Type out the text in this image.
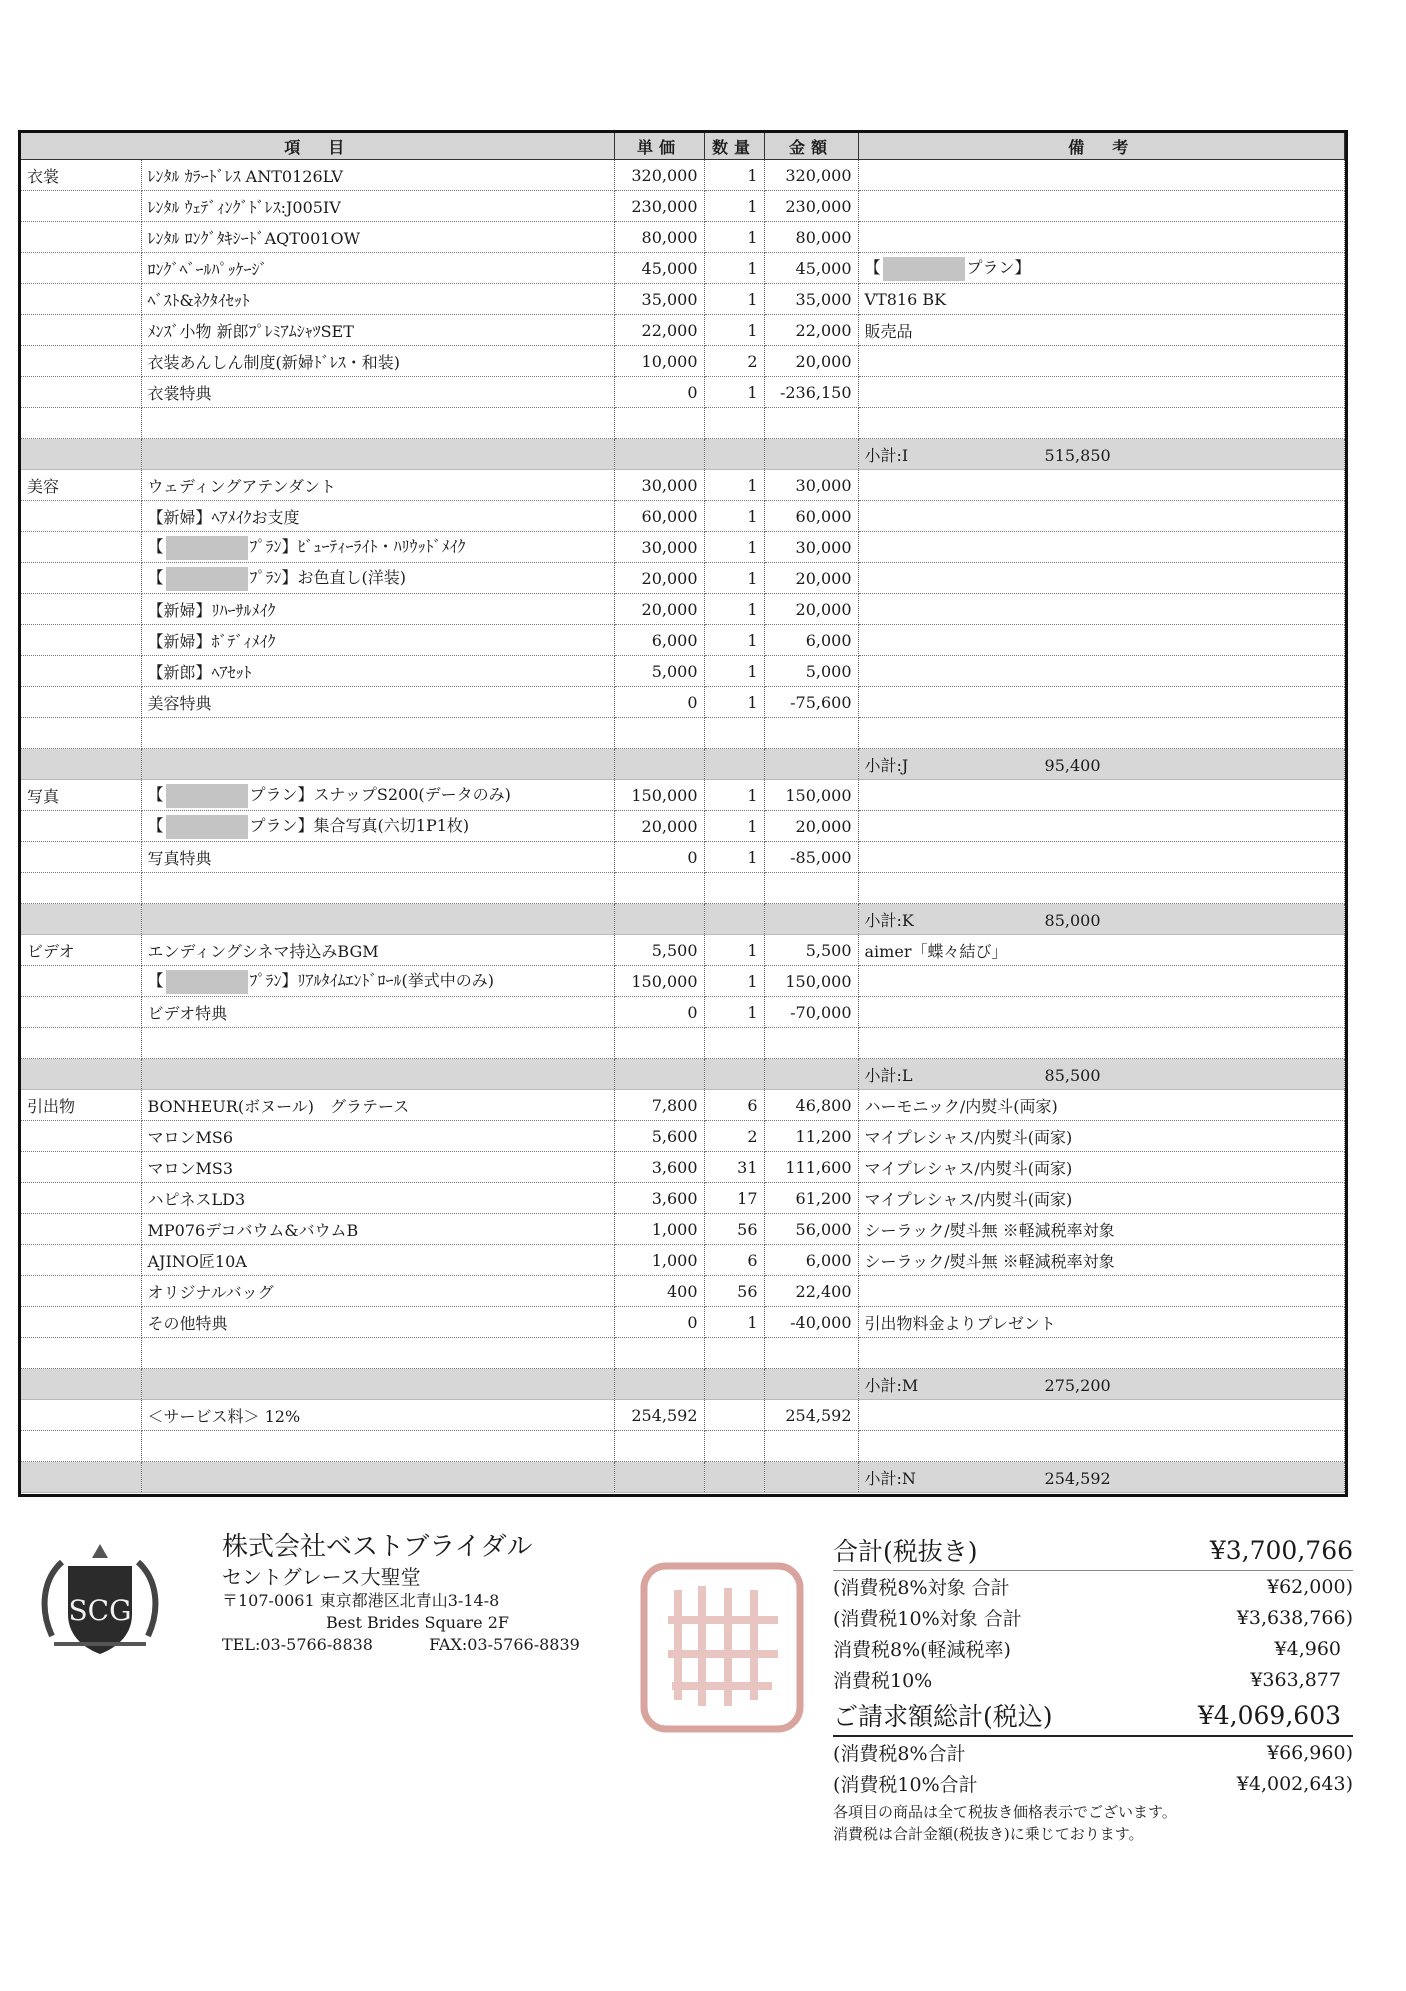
項　目		単価	数量	金額	備　考
衣裳	ﾚﾝﾀﾙ ｶﾗｰﾄﾞﾚｽ ANT0126LV	320,000	1	320,000	
	ﾚﾝﾀﾙ ｳｪﾃﾞｨﾝｸﾞﾄﾞﾚｽ:J005IV	230,000	1	230,000	
	ﾚﾝﾀﾙ ﾛﾝｸﾞﾀｷｼｰﾄﾞAQT001OW	80,000	1	80,000	
	ﾛﾝｸﾞﾍﾞｰﾙﾊﾟｯｹｰｼﾞ	45,000	1	45,000	【 プラン】
	ﾍﾞｽﾄ&ﾈｸﾀｲｾｯﾄ	35,000	1	35,000	VT816 BK
	ﾒﾝｽﾞ小物 新郎ﾌﾟﾚﾐｱﾑｼｬﾂSET	22,000	1	22,000	販売品
	衣装あんしん制度(新婦ﾄﾞﾚｽ・和装)	10,000	2	20,000	
	衣裳特典	0	1	-236,150	

					小計:I 515,850
美容	ウェディングアテンダント	30,000	1	30,000	
	【新婦】ﾍｱﾒｲｸお支度	60,000	1	60,000	
	【 ﾌﾟﾗﾝ】ﾋﾞｭｰﾃｨｰﾗｲﾄ・ﾊﾘｳｯﾄﾞﾒｲｸ	30,000	1	30,000	
	【 ﾌﾟﾗﾝ】お色直し(洋装)	20,000	1	20,000	
	【新婦】ﾘﾊｰｻﾙﾒｲｸ	20,000	1	20,000	
	【新婦】ﾎﾞﾃﾞｨﾒｲｸ	6,000	1	6,000	
	【新郎】ﾍｱｾｯﾄ	5,000	1	5,000	
	美容特典	0	1	-75,600	

					小計:J 95,400
写真	【 プラン】スナップS200(データのみ)	150,000	1	150,000	
	【 プラン】集合写真(六切1P1枚)	20,000	1	20,000	
	写真特典	0	1	-85,000	

					小計:K 85,000
ビデオ	エンディングシネマ持込みBGM	5,500	1	5,500	aimer「蝶々結び」
	【 ﾌﾟﾗﾝ】ﾘｱﾙﾀｲﾑｴﾝﾄﾞﾛｰﾙ(挙式中のみ)	150,000	1	150,000	
	ビデオ特典	0	1	-70,000	

					小計:L 85,500
引出物	BONHEUR(ボヌール)　グラテース	7,800	6	46,800	ハーモニック/内熨斗(両家)
	マロンMS6	5,600	2	11,200	マイプレシャス/内熨斗(両家)
	マロンMS3	3,600	31	111,600	マイプレシャス/内熨斗(両家)
	ハピネスLD3	3,600	17	61,200	マイプレシャス/内熨斗(両家)
	MP076デコバウム&バウムB	1,000	56	56,000	シーラック/熨斗無 ※軽減税率対象
	AJINO匠10A	1,000	6	6,000	シーラック/熨斗無 ※軽減税率対象
	オリジナルバッグ	400	56	22,400	
	その他特典	0	1	-40,000	引出物料金よりプレゼント

					小計:M 275,200
	＜サービス料＞ 12%	254,592		254,592	

					小計:N 254,592
SCG
株式会社ベストブライダル
セントグレース大聖堂
〒107-0061 東京都港区北青山3-14-8
Best Brides Square 2F
TEL:03-5766-8838	FAX:03-5766-8839
合計(税抜き)	¥3,700,766
(消費税8%対象 合計	¥62,000)
(消費税10%対象 合計	¥3,638,766)
消費税8%(軽減税率)	¥4,960
消費税10%	¥363,877
ご請求額総計(税込)	¥4,069,603
(消費税8%合計	¥66,960)
(消費税10%合計	¥4,002,643)
各項目の商品は全て税抜き価格表示でございます。
消費税は合計金額(税抜き)に乗じております。
